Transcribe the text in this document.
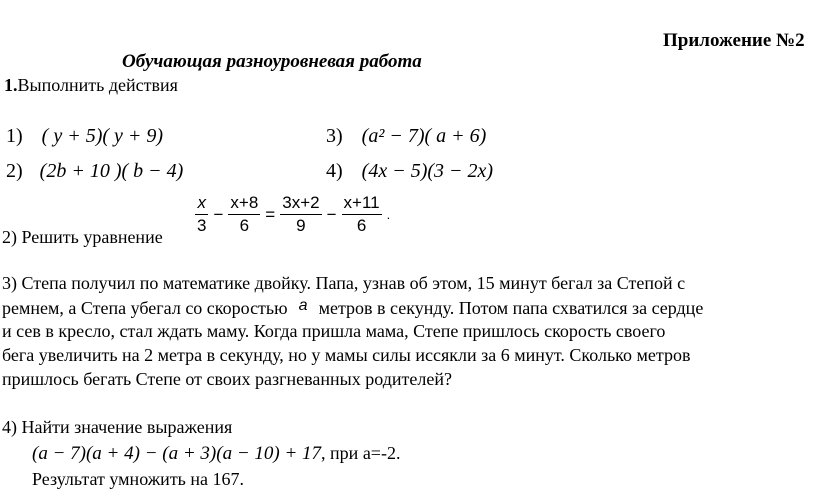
Приложение №2
Обучающая разноуровневая работа
1.Выполнить действия
1) ( y + 5)( y + 9)	3) (a² − 7)( a + 6)
2) (2b + 10 )( b − 4)	4) (4x − 5)(3 − 2x)
2) Решить уравнение $\frac{x}{3} - \frac{x+8}{6} = \frac{3x+2}{9} - \frac{x+11}{6}$ .
3) Степа получил по математике двойку. Папа, узнав об этом, 15 минут бегал за Степой с
ремнем, а Степа убегал со скоростью a метров в секунду. Потом папа схватился за сердце
и сев в кресло, стал ждать маму. Когда пришла мама, Степе пришлось скорость своего
бега увеличить на 2 метра в секунду, но у мамы силы иссякли за 6 минут. Сколько метров
пришлось бегать Степе от своих разгневанных родителей?
4) Найти значение выражения
(a − 7)(a + 4) − (a + 3)(a − 10) + 17, при а=-2.
Результат умножить на 167.
